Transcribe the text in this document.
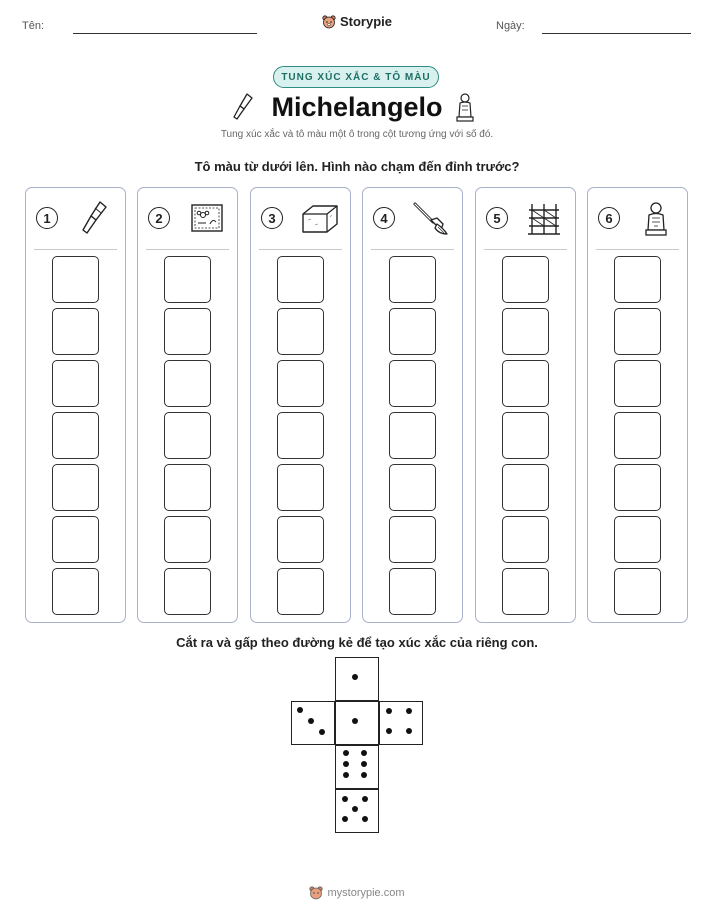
Tên:	Storypie	Ngày:
TUNG XÚC XẮC & TÔ MÀU
Michelangelo
Tung xúc xắc và tô màu một ô trong cột tương ứng với số đó.
Tô màu từ dưới lên. Hình nào chạm đến đỉnh trước?
1	2	3	4	5	6
Cắt ra và gấp theo đường kẻ để tạo xúc xắc của riêng con.
mystorypie.com
